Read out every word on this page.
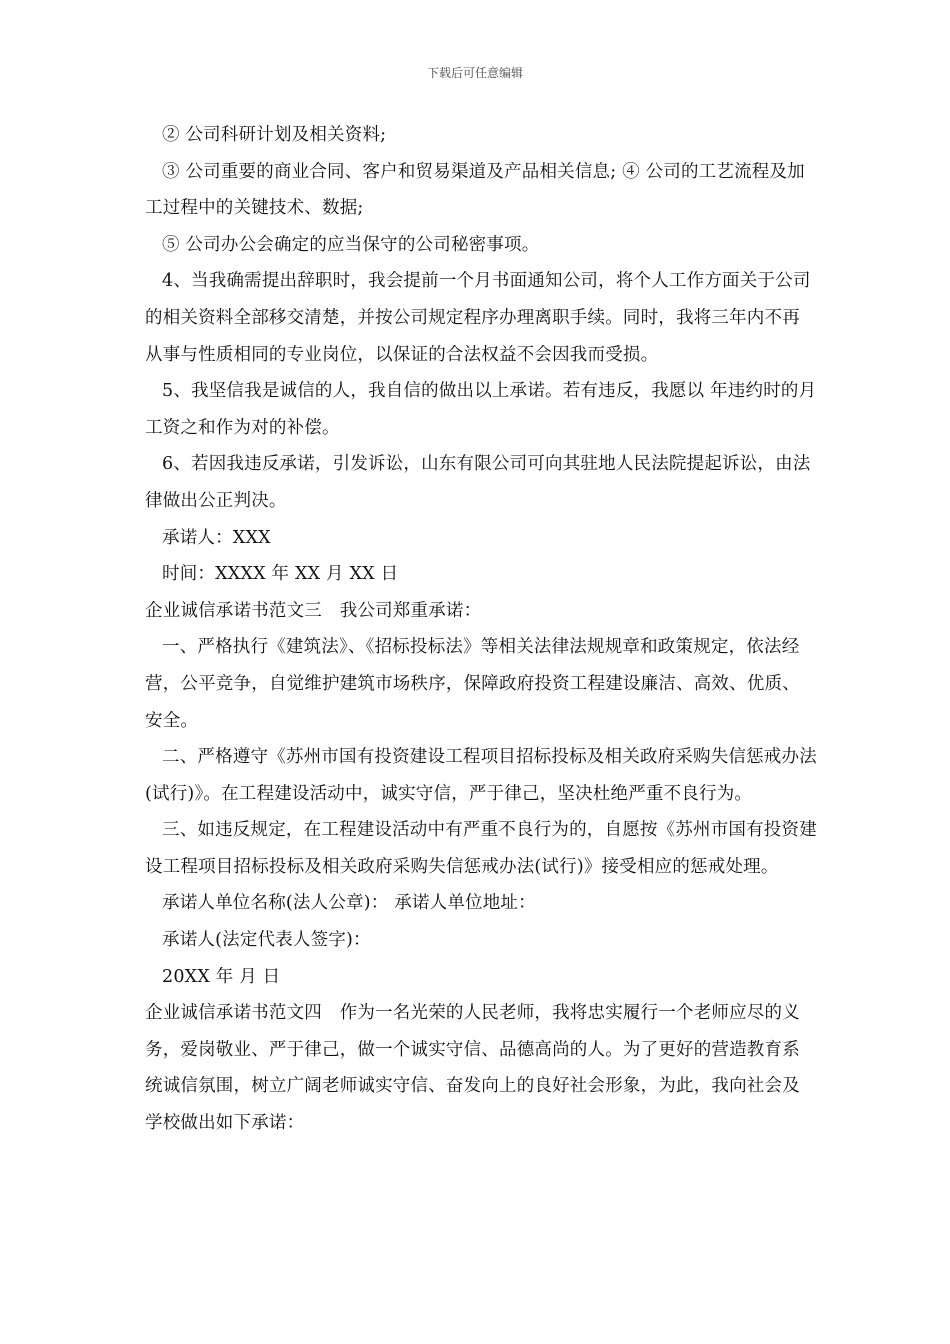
下载后可任意编辑

② 公司科研计划及相关资料;

③ 公司重要的商业合同、客户和贸易渠道及产品相关信息; ④ 公司的工艺流程及加工过程中的关键技术、数据;

⑤ 公司办公会确定的应当保守的公司秘密事项。

4、当我确需提出辞职时，我会提前一个月书面通知公司，将个人工作方面关于公司的相关资料全部移交清楚，并按公司规定程序办理离职手续。同时，我将三年内不再从事与性质相同的专业岗位，以保证的合法权益不会因我而受损。

5、我坚信我是诚信的人，我自信的做出以上承诺。若有违反，我愿以 年违约时的月工资之和作为对的补偿。

6、若因我违反承诺，引发诉讼，山东有限公司可向其驻地人民法院提起诉讼，由法律做出公正判决。

承诺人：XXX

时间：XXXX 年 XX 月 XX 日

企业诚信承诺书范文三　我公司郑重承诺：

一、严格执行《建筑法》、《招标投标法》等相关法律法规规章和政策规定，依法经营，公平竞争，自觉维护建筑市场秩序，保障政府投资工程建设廉洁、高效、优质、安全。

二、严格遵守《苏州市国有投资建设工程项目招标投标及相关政府采购失信惩戒办法(试行)》。在工程建设活动中，诚实守信，严于律己，坚决杜绝严重不良行为。

三、如违反规定，在工程建设活动中有严重不良行为的，自愿按《苏州市国有投资建设工程项目招标投标及相关政府采购失信惩戒办法(试行)》接受相应的惩戒处理。

承诺人单位名称(法人公章)： 承诺人单位地址：

承诺人(法定代表人签字)：

20XX 年 月 日

企业诚信承诺书范文四　作为一名光荣的人民老师，我将忠实履行一个老师应尽的义务，爱岗敬业、严于律己，做一个诚实守信、品德高尚的人。为了更好的营造教育系统诚信氛围，树立广阔老师诚实守信、奋发向上的良好社会形象，为此，我向社会及学校做出如下承诺：
